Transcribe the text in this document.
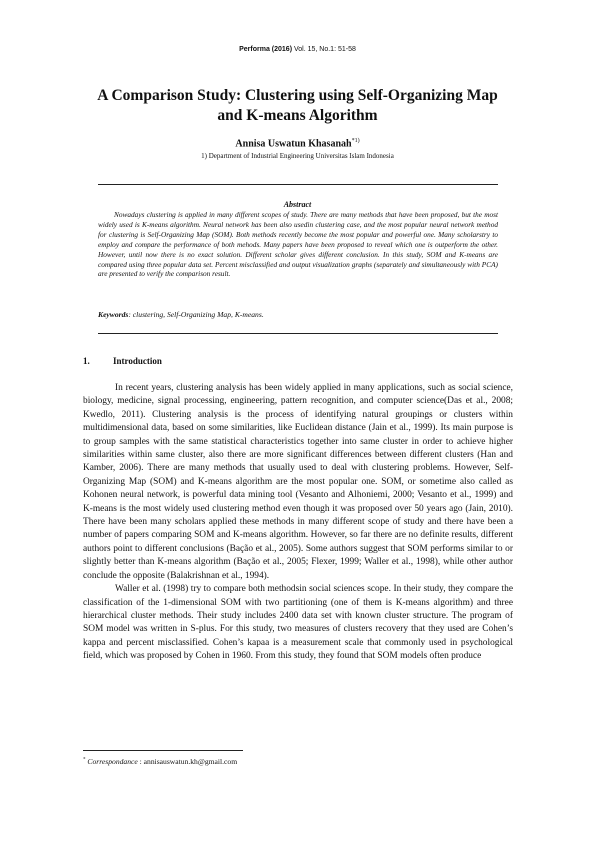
Performa (2016) Vol. 15, No.1: 51-58
A Comparison Study: Clustering using Self-Organizing Map
and K-means Algorithm
Annisa Uswatun Khasanah$^{*1)}$
1) Department of Industrial Engineering Universitas Islam Indonesia
Abstract
Nowadays clustering is applied in many different scopes of study. There are many methods that have been proposed, but the most widely used is K-means algorithm. Neural network has been also usedin clustering case, and the most popular neural network method for clustering is Self-Organizing Map (SOM). Both methods recently become the most popular and powerful one. Many scholarstry to employ and compare the performance of both mehods. Many papers have been proposed to reveal which one is outperform the other. However, until now there is no exact solution. Different scholar gives different conclusion. In this study, SOM and K-means are compared using three popular data set. Percent misclassified and output visualization graphs (separately and simultaneously with PCA) are presented to verify the comparison result.
Keywords: clustering, Self-Organizing Map, K-means.
1.	Introduction

In recent years, clustering analysis has been widely applied in many applications, such as social science, biology, medicine, signal processing, engineering, pattern recognition, and computer science(Das et al., 2008; Kwedlo, 2011). Clustering analysis is the process of identifying natural groupings or clusters within multidimensional data, based on some similarities, like Euclidean distance (Jain et al., 1999). Its main purpose is to group samples with the same statistical characteristics together into same cluster in order to achieve higher similarities within same cluster, also there are more significant differences between different clusters (Han and Kamber, 2006). There are many methods that usually used to deal with clustering problems. However, Self-Organizing Map (SOM) and K-means algorithm are the most popular one. SOM, or sometime also called as Kohonen neural network, is powerful data mining tool (Vesanto and Alhoniemi, 2000; Vesanto et al., 1999) and K-means is the most widely used clustering method even though it was proposed over 50 years ago (Jain, 2010). There have been many scholars applied these methods in many different scope of study and there have been a number of papers comparing SOM and K-means algorithm. However, so far there are no definite results, different authors point to different conclusions (Bação et al., 2005). Some authors suggest that SOM performs similar to or slightly better than K-means algorithm (Bação et al., 2005; Flexer, 1999; Waller et al., 1998), while other author conclude the opposite (Balakrishnan et al., 1994).

Waller et al. (1998) try to compare both methodsin social sciences scope. In their study, they compare the classification of the 1-dimensional SOM with two partitioning (one of them is K-means algorithm) and three hierarchical cluster methods. Their study includes 2400 data set with known cluster structure. The program of SOM model was written in S-plus. For this study, two measures of clusters recovery that they used are Cohen’s kappa and percent misclassified. Cohen’s kapaa is a measurement scale that commonly used in psychological field, which was proposed by Cohen in 1960. From this study, they found that SOM models often produce

* Correspondance : annisauswatun.kh@gmail.com
